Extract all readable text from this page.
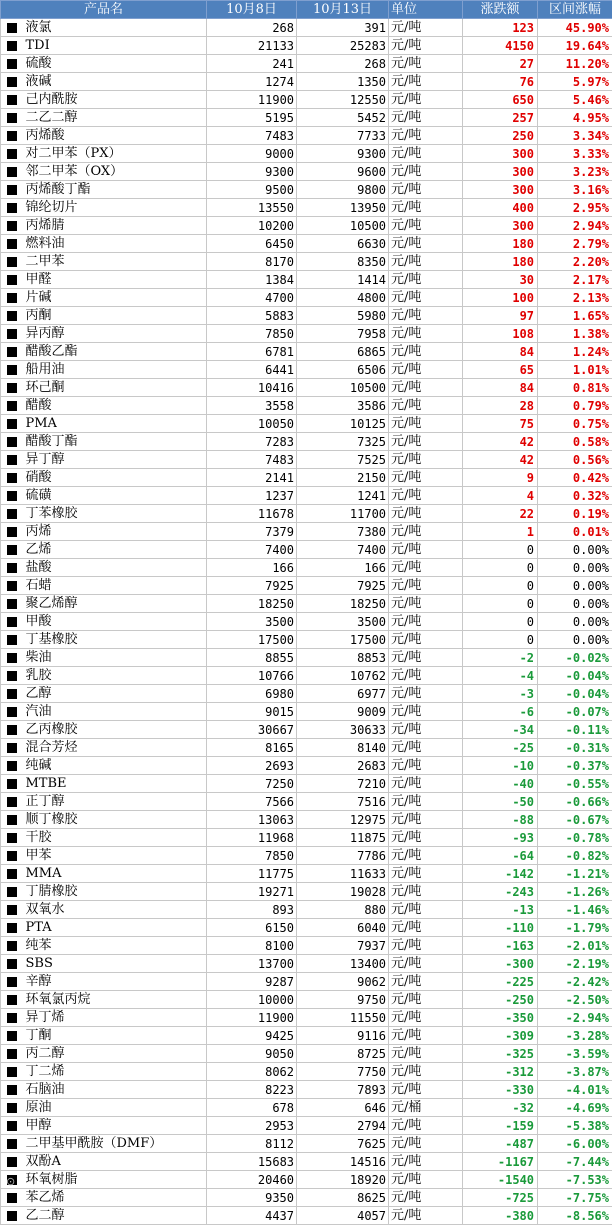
产品名		10月8日	10月13日	单位	涨跌额	区间涨幅
	液氯	268	391	元/吨	123	45.90%
	TDI	21133	25283	元/吨	4150	19.64%
	硫酸	241	268	元/吨	27	11.20%
	液碱	1274	1350	元/吨	76	5.97%
	己内酰胺	11900	12550	元/吨	650	5.46%
	二乙二醇	5195	5452	元/吨	257	4.95%
	丙烯酸	7483	7733	元/吨	250	3.34%
	对二甲苯（PX）	9000	9300	元/吨	300	3.33%
	邻二甲苯（OX）	9300	9600	元/吨	300	3.23%
	丙烯酸丁酯	9500	9800	元/吨	300	3.16%
	锦纶切片	13550	13950	元/吨	400	2.95%
	丙烯腈	10200	10500	元/吨	300	2.94%
	燃料油	6450	6630	元/吨	180	2.79%
	二甲苯	8170	8350	元/吨	180	2.20%
	甲醛	1384	1414	元/吨	30	2.17%
	片碱	4700	4800	元/吨	100	2.13%
	丙酮	5883	5980	元/吨	97	1.65%
	异丙醇	7850	7958	元/吨	108	1.38%
	醋酸乙酯	6781	6865	元/吨	84	1.24%
	船用油	6441	6506	元/吨	65	1.01%
	环己酮	10416	10500	元/吨	84	0.81%
	醋酸	3558	3586	元/吨	28	0.79%
	PMA	10050	10125	元/吨	75	0.75%
	醋酸丁酯	7283	7325	元/吨	42	0.58%
	异丁醇	7483	7525	元/吨	42	0.56%
	硝酸	2141	2150	元/吨	9	0.42%
	硫磺	1237	1241	元/吨	4	0.32%
	丁苯橡胶	11678	11700	元/吨	22	0.19%
	丙烯	7379	7380	元/吨	1	0.01%
	乙烯	7400	7400	元/吨	0	0.00%
	盐酸	166	166	元/吨	0	0.00%
	石蜡	7925	7925	元/吨	0	0.00%
	聚乙烯醇	18250	18250	元/吨	0	0.00%
	甲酸	3500	3500	元/吨	0	0.00%
	丁基橡胶	17500	17500	元/吨	0	0.00%
	柴油	8855	8853	元/吨	-2	-0.02%
	乳胶	10766	10762	元/吨	-4	-0.04%
	乙醇	6980	6977	元/吨	-3	-0.04%
	汽油	9015	9009	元/吨	-6	-0.07%
	乙丙橡胶	30667	30633	元/吨	-34	-0.11%
	混合芳烃	8165	8140	元/吨	-25	-0.31%
	纯碱	2693	2683	元/吨	-10	-0.37%
	MTBE	7250	7210	元/吨	-40	-0.55%
	正丁醇	7566	7516	元/吨	-50	-0.66%
	顺丁橡胶	13063	12975	元/吨	-88	-0.67%
	干胶	11968	11875	元/吨	-93	-0.78%
	甲苯	7850	7786	元/吨	-64	-0.82%
	MMA	11775	11633	元/吨	-142	-1.21%
	丁腈橡胶	19271	19028	元/吨	-243	-1.26%
	双氧水	893	880	元/吨	-13	-1.46%
	PTA	6150	6040	元/吨	-110	-1.79%
	纯苯	8100	7937	元/吨	-163	-2.01%
	SBS	13700	13400	元/吨	-300	-2.19%
	辛醇	9287	9062	元/吨	-225	-2.42%
	环氧氯丙烷	10000	9750	元/吨	-250	-2.50%
	异丁烯	11900	11550	元/吨	-350	-2.94%
	丁酮	9425	9116	元/吨	-309	-3.28%
	丙二醇	9050	8725	元/吨	-325	-3.59%
	丁二烯	8062	7750	元/吨	-312	-3.87%
	石脑油	8223	7893	元/吨	-330	-4.01%
	原油	678	646	元/桶	-32	-4.69%
	甲醇	2953	2794	元/吨	-159	-5.38%
	二甲基甲酰胺（DMF）	8112	7625	元/吨	-487	-6.00%
	双酚A	15683	14516	元/吨	-1167	-7.44%
	环氧树脂	20460	18920	元/吨	-1540	-7.53%
	苯乙烯	9350	8625	元/吨	-725	-7.75%
	乙二醇	4437	4057	元/吨	-380	-8.56%
⊙
